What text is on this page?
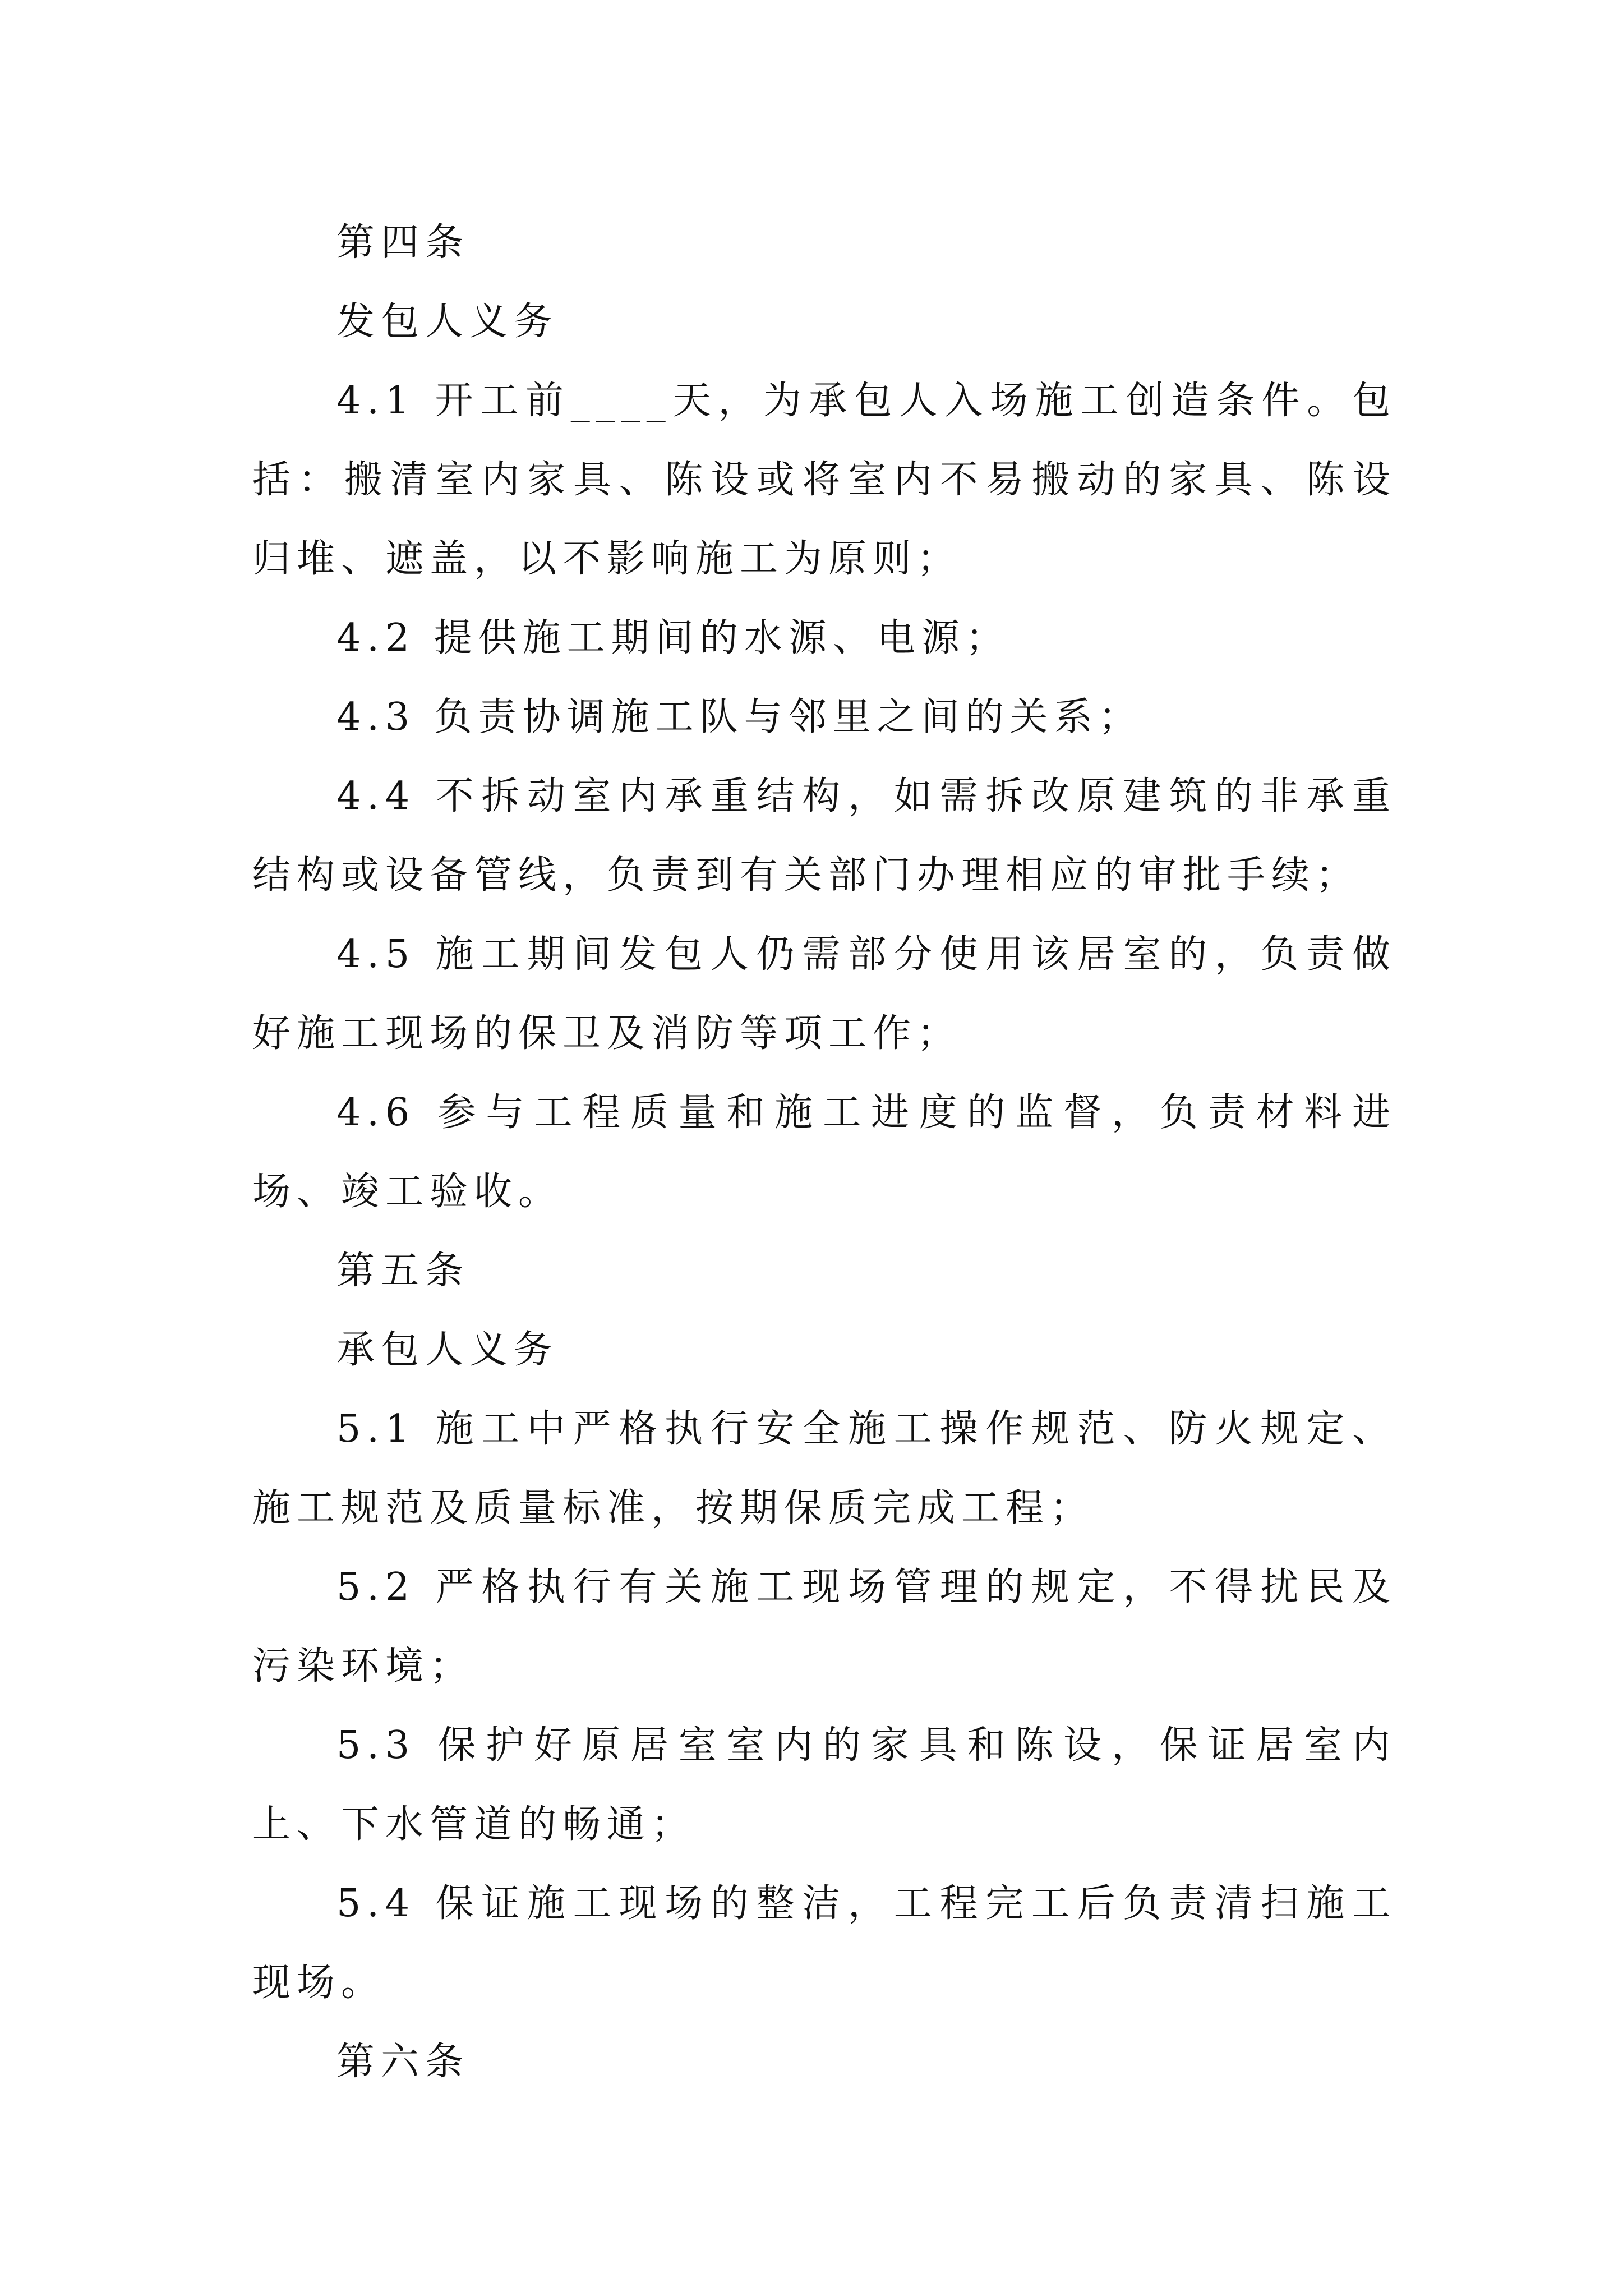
第四条

发包人义务

4.1 开工前____天，为承包人入场施工创造条件。包括：搬清室内家具、陈设或将室内不易搬动的家具、陈设归堆、遮盖，以不影响施工为原则；

4.2 提供施工期间的水源、电源；

4.3 负责协调施工队与邻里之间的关系；

4.4 不拆动室内承重结构，如需拆改原建筑的非承重结构或设备管线，负责到有关部门办理相应的审批手续；

4.5 施工期间发包人仍需部分使用该居室的，负责做好施工现场的保卫及消防等项工作；

4.6 参与工程质量和施工进度的监督，负责材料进场、竣工验收。

第五条

承包人义务

5.1 施工中严格执行安全施工操作规范、防火规定、施工规范及质量标准，按期保质完成工程；

5.2 严格执行有关施工现场管理的规定，不得扰民及污染环境；

5.3 保护好原居室室内的家具和陈设，保证居室内上、下水管道的畅通；

5.4 保证施工现场的整洁，工程完工后负责清扫施工现场。

第六条
